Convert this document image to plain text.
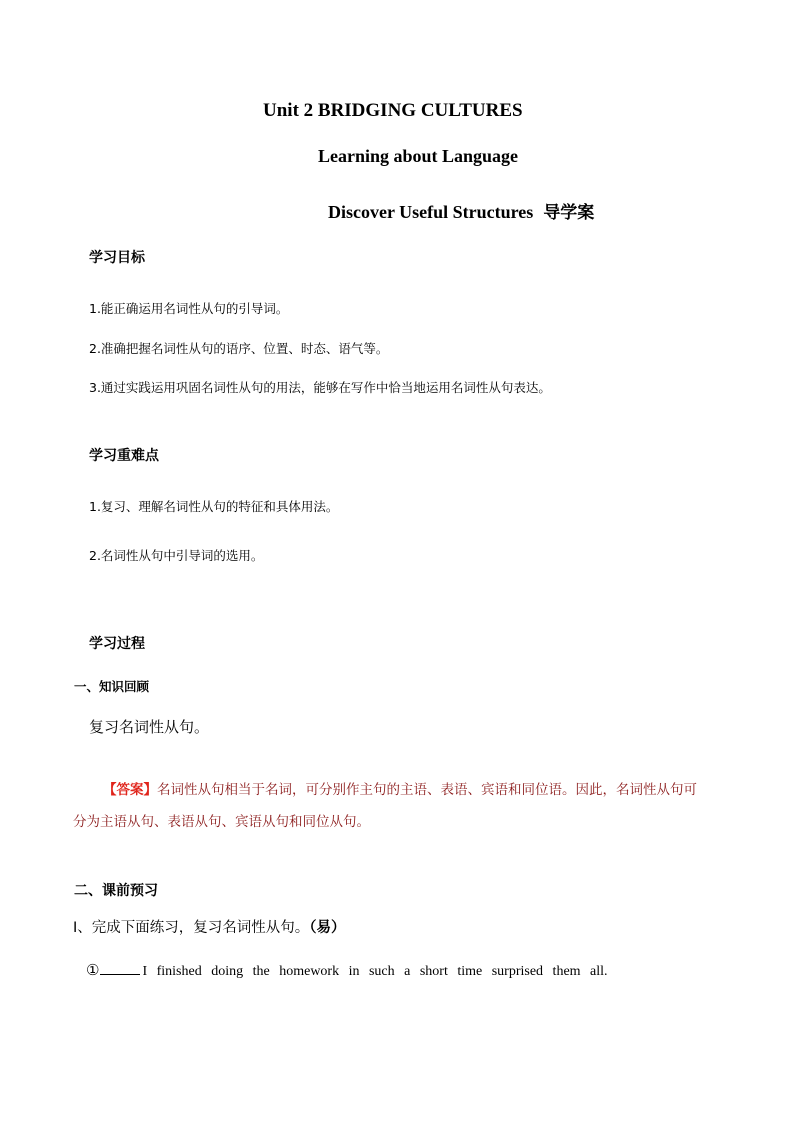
Unit 2 BRIDGING CULTURES
Learning about Language
Discover Useful Structures 导学案
学习目标
1.能正确运用名词性从句的引导词。
2.准确把握名词性从句的语序、位置、时态、语气等。
3.通过实践运用巩固名词性从句的用法，能够在写作中恰当地运用名词性从句表达。
学习重难点
1.复习、理解名词性从句的特征和具体用法。
2.名词性从句中引导词的选用。
学习过程
一、知识回顾
复习名词性从句。
【答案】名词性从句相当于名词，可分别作主句的主语、表语、宾语和同位语。因此，名词性从句可
分为主语从句、表语从句、宾语从句和同位从句。
二、课前预习
I、完成下面练习，复习名词性从句。（易）
①	I finished doing the homework in such a short time surprised them all.
